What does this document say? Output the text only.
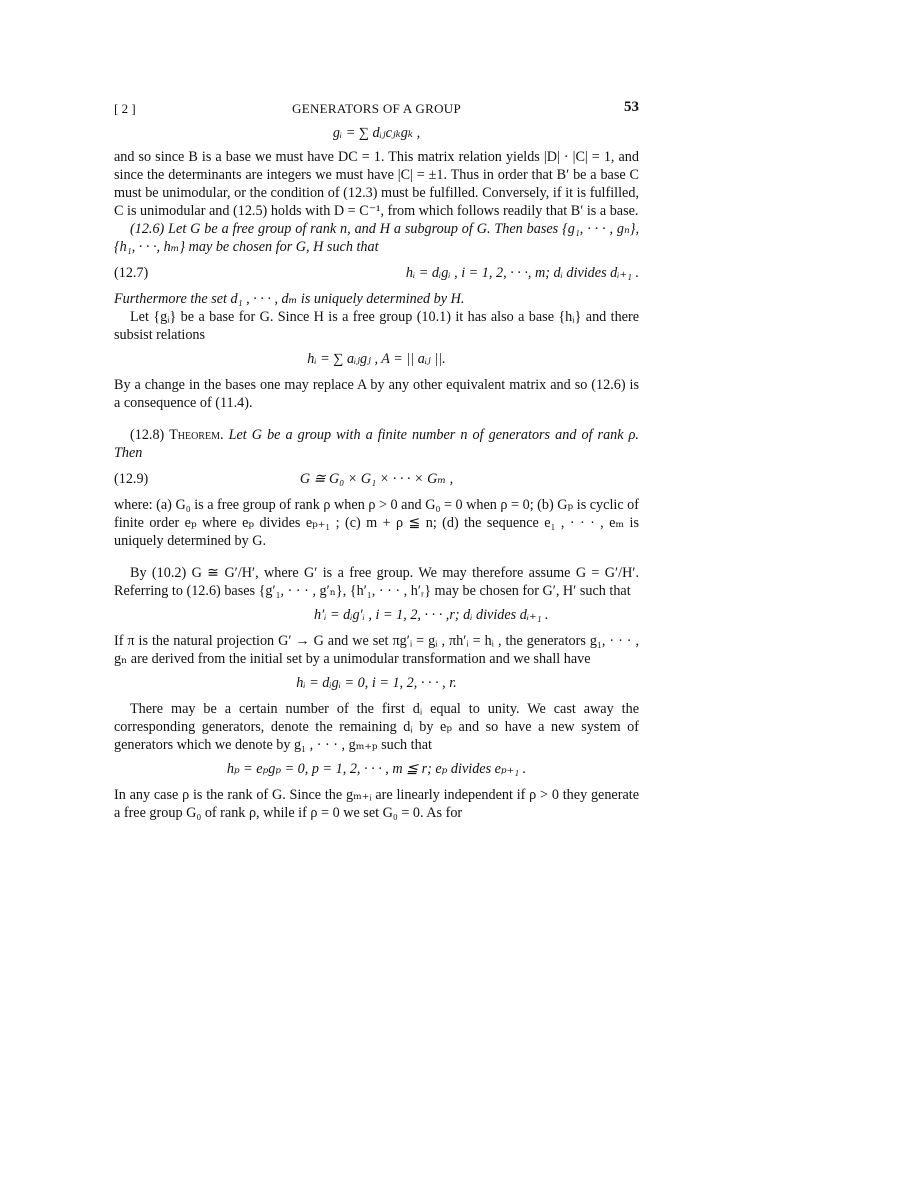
[ 2 ]	GENERATORS OF A GROUP	53
gᵢ = ∑ dᵢⱼcⱼₖgₖ ,

and so since B is a base we must have DC = 1. This matrix relation yields |D| · |C| = 1, and since the determinants are integers we must have |C| = ±1. Thus in order that B′ be a base C must be unimodular, or the condition of (12.3) must be fulfilled. Conversely, if it is fulfilled, C is unimodular and (12.5) holds with D = C⁻¹, from which follows readily that B′ is a base.

(12.6) Let G be a free group of rank n, and H a subgroup of G. Then bases {g₁, · · · , gₙ}, {h₁, · · ·, hₘ} may be chosen for G, H such that

(12.7)	hᵢ = dᵢgᵢ , i = 1, 2, · · ·, m; dᵢ divides dᵢ₊₁ .

Furthermore the set d₁ , · · · , dₘ is uniquely determined by H.

Let {gᵢ} be a base for G. Since H is a free group (10.1) it has also a base {hᵢ} and there subsist relations

hᵢ = ∑ aᵢⱼgⱼ , A = || aᵢⱼ ||.

By a change in the bases one may replace A by any other equivalent matrix and so (12.6) is a consequence of (11.4).

(12.8) Theorem. Let G be a group with a finite number n of generators and of rank ρ. Then

(12.9)	G ≅ G₀ × G₁ × · · · × Gₘ ,

where: (a) G₀ is a free group of rank ρ when ρ > 0 and G₀ = 0 when ρ = 0; (b) Gₚ is cyclic of finite order eₚ where eₚ divides eₚ₊₁ ; (c) m + ρ ≦ n; (d) the sequence e₁ , · · · , eₘ is uniquely determined by G.

By (10.2) G ≅ G′/H′, where G′ is a free group. We may therefore assume G = G′/H′. Referring to (12.6) bases {g′₁, · · · , g′ₙ}, {h′₁, · · · , h′ᵣ} may be chosen for G′, H′ such that

h′ᵢ = dᵢg′ᵢ , i = 1, 2, · · · ,r; dᵢ divides dᵢ₊₁ .

If π is the natural projection G′ → G and we set πg′ᵢ = gᵢ , πh′ᵢ = hᵢ , the generators g₁, · · · , gₙ are derived from the initial set by a unimodular transformation and we shall have

hᵢ = dᵢgᵢ = 0, i = 1, 2, · · · , r.

There may be a certain number of the first dᵢ equal to unity. We cast away the corresponding generators, denote the remaining dᵢ by eₚ and so have a new system of generators which we denote by g₁ , · · · , gₘ₊ₚ such that

hₚ = eₚgₚ = 0, p = 1, 2, · · · , m ≦ r; eₚ divides eₚ₊₁ .

In any case ρ is the rank of G. Since the gₘ₊ᵢ are linearly independent if ρ > 0 they generate a free group G₀ of rank ρ, while if ρ = 0 we set G₀ = 0. As for
